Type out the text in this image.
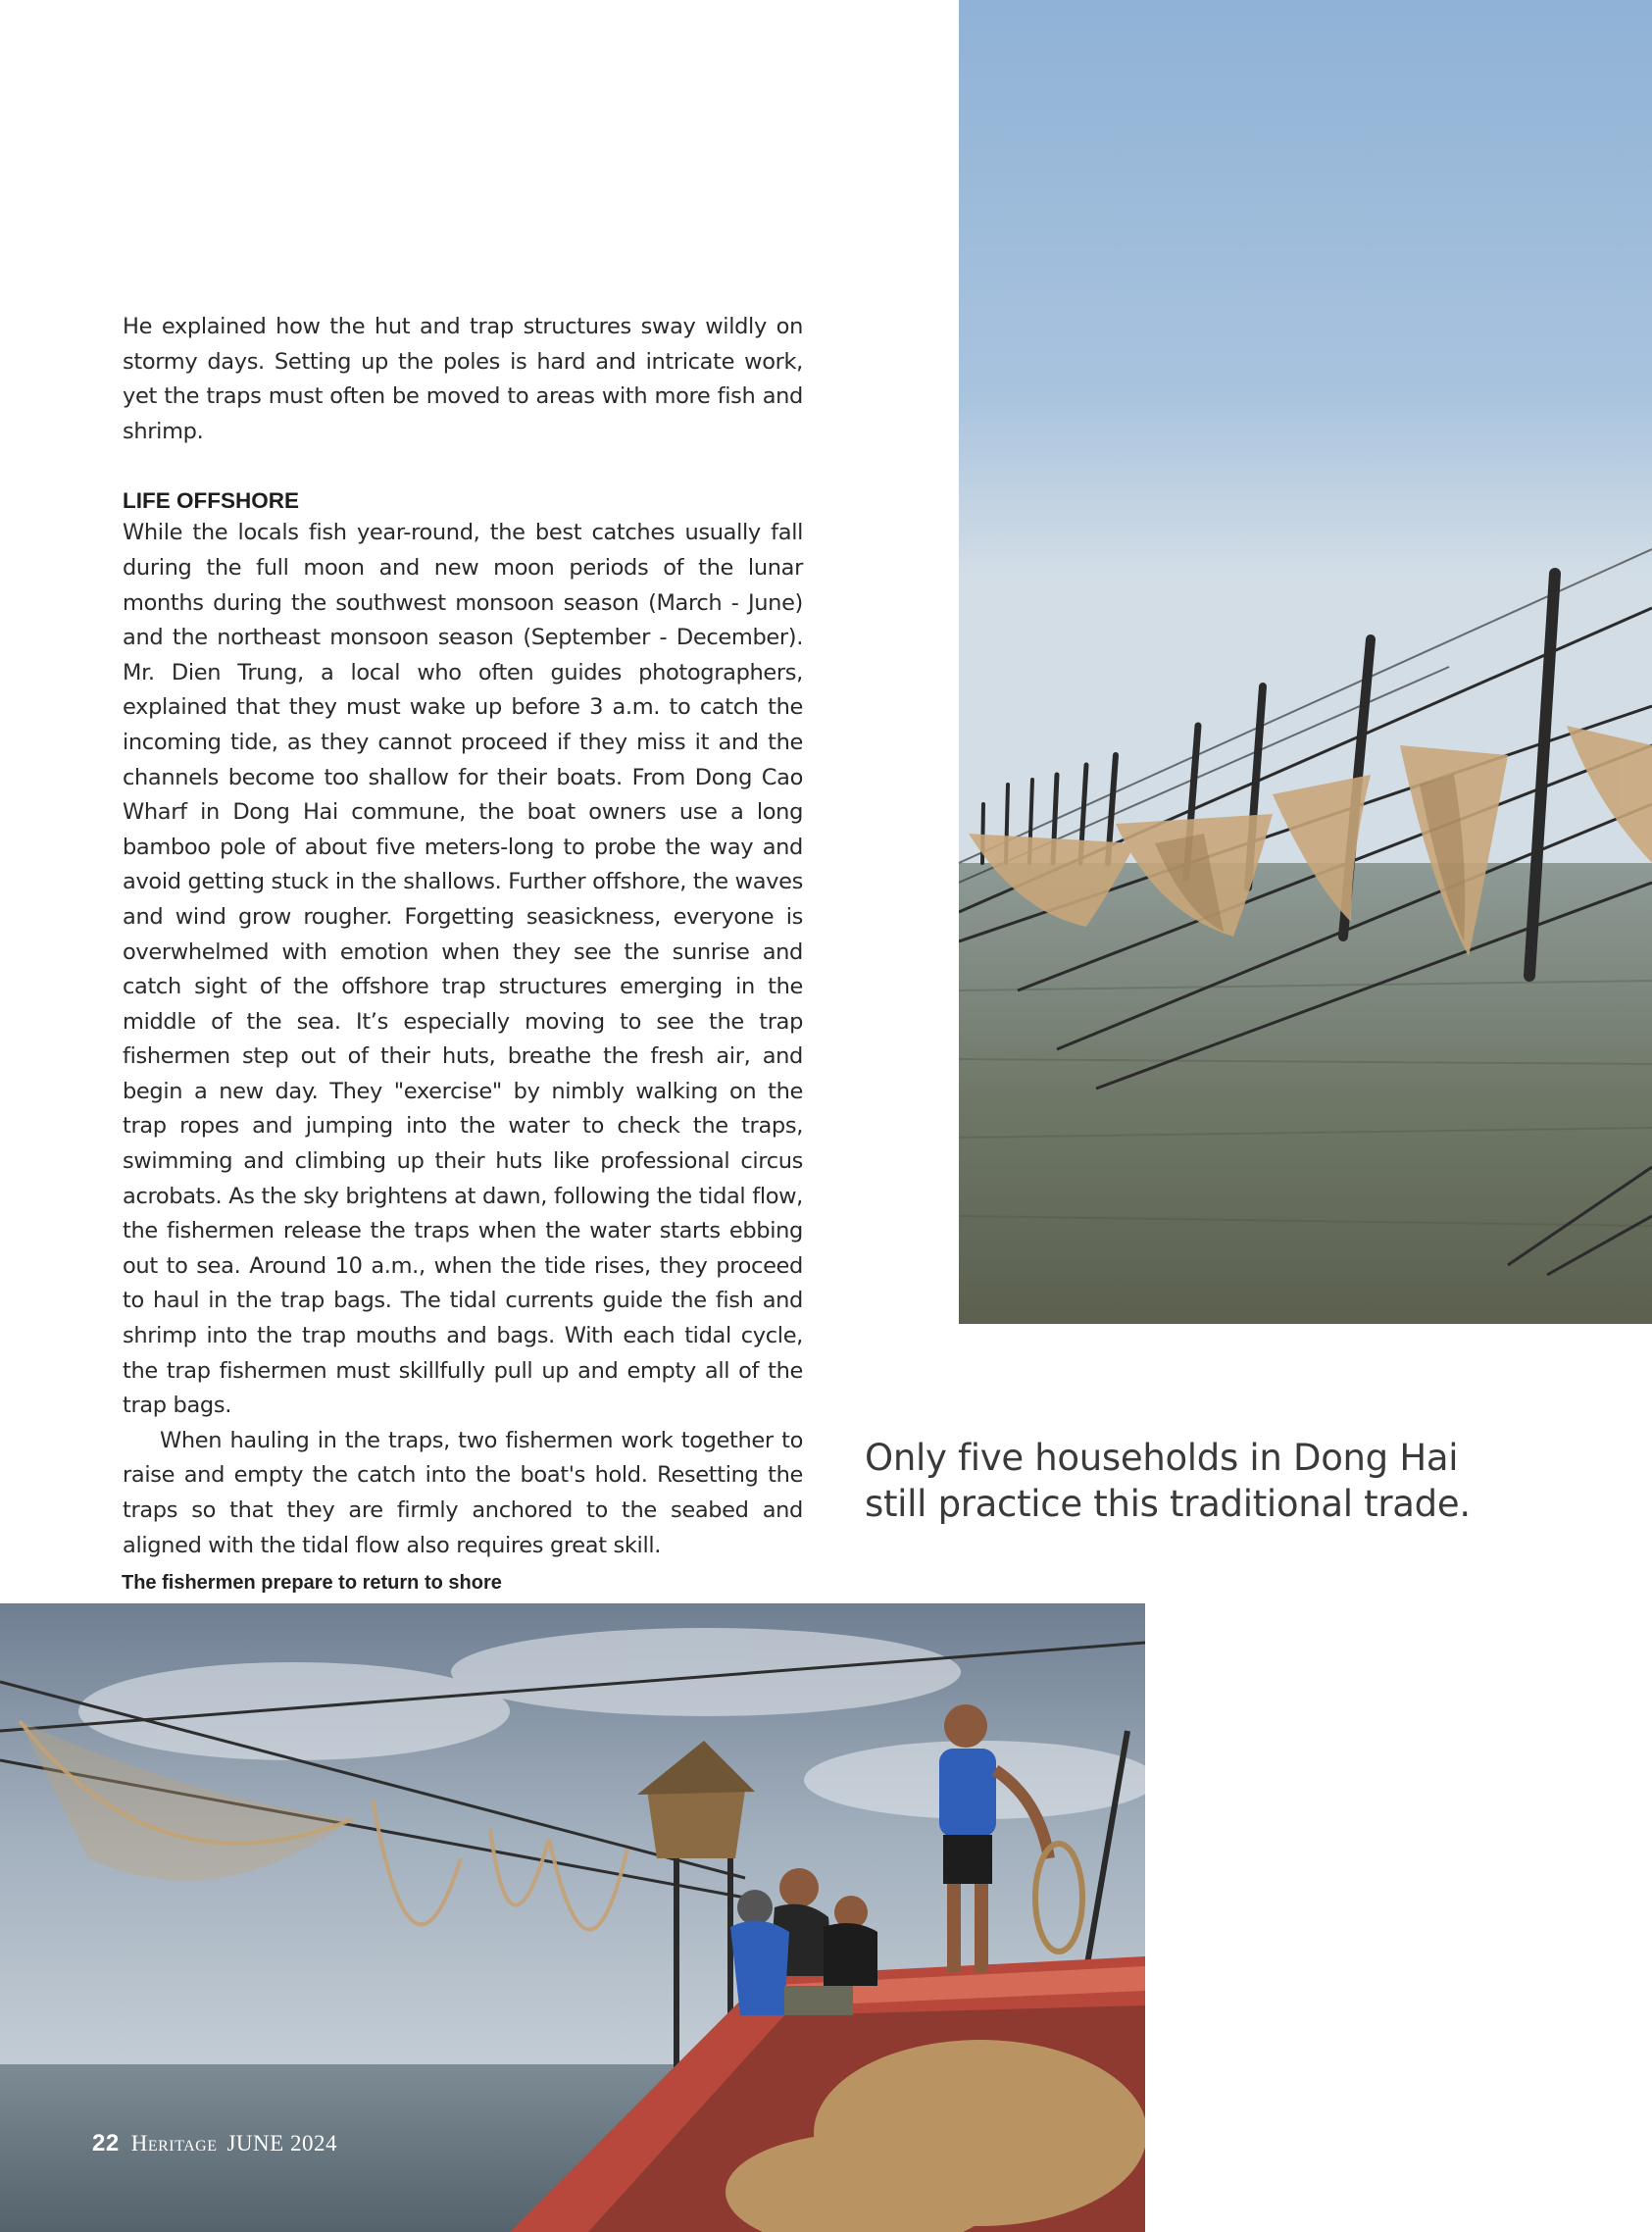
He explained how the hut and trap structures sway wildly on stormy days. Setting up the poles is hard and intricate work, yet the traps must often be moved to areas with more fish and shrimp.

LIFE OFFSHORE

While the locals fish year-round, the best catches usually fall during the full moon and new moon periods of the lunar months during the southwest monsoon season (March - June) and the northeast monsoon season (September - December). Mr. Dien Trung, a local who often guides photographers, explained that they must wake up before 3 a.m. to catch the incoming tide, as they cannot proceed if they miss it and the channels become too shallow for their boats. From Dong Cao Wharf in Dong Hai commune, the boat owners use a long bamboo pole of about five meters-long to probe the way and avoid getting stuck in the shallows. Further offshore, the waves and wind grow rougher. Forgetting seasickness, everyone is overwhelmed with emotion when they see the sunrise and catch sight of the offshore trap structures emerging in the middle of the sea. It’s especially moving to see the trap fishermen step out of their huts, breathe the fresh air, and begin a new day. They "exercise" by nimbly walking on the trap ropes and jumping into the water to check the traps, swimming and climbing up their huts like professional circus acrobats. As the sky brightens at dawn, following the tidal flow, the fishermen release the traps when the water starts ebbing out to sea. Around 10 a.m., when the tide rises, they proceed to haul in the trap bags. The tidal currents guide the fish and shrimp into the trap mouths and bags. With each tidal cycle, the trap fishermen must skillfully pull up and empty all of the trap bags.

When hauling in the traps, two fishermen work together to raise and empty the catch into the boat's hold. Resetting the traps so that they are firmly anchored to the seabed and aligned with the tidal flow also requires great skill.

Only five households in Dong Hai still practice this traditional trade.

The fishermen prepare to return to shore

22 Heritage JUNE 2024
